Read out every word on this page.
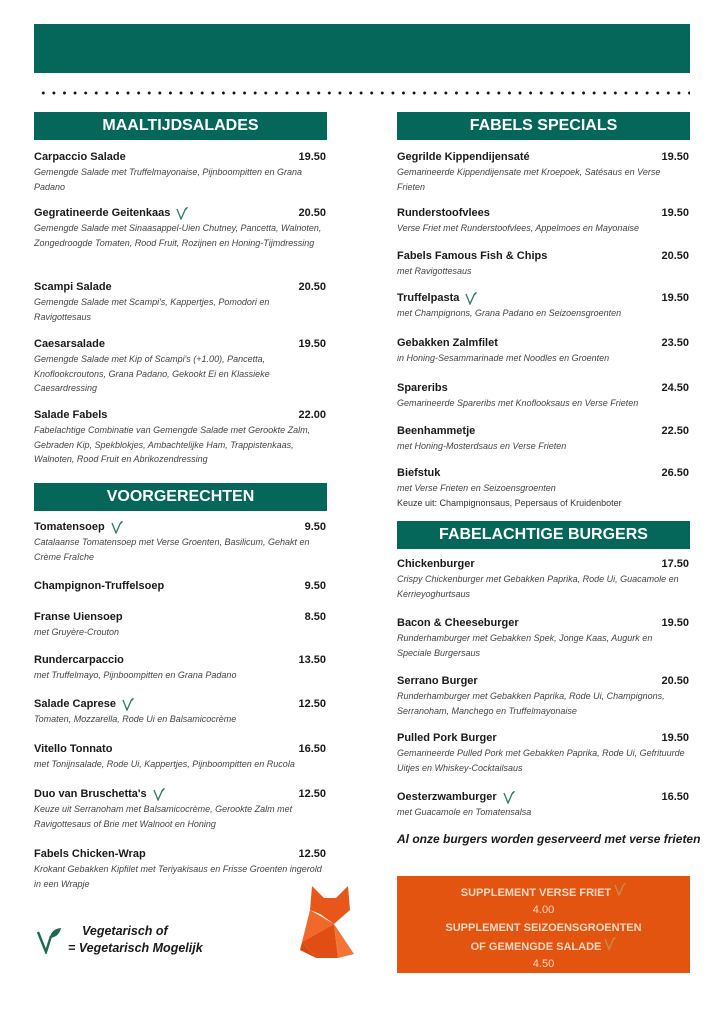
MAALTIJDSALADES
VOORGERECHTEN
FABELS SPECIALS
FABELACHTIGE BURGERS
Carpaccio Salade	19.50
Gemengde Salade met Truffelmayonaise, Pijnboompitten en Grana Padano
Gegratineerde Geitenkaas	20.50
Gemengde Salade met Sinaasappel-Uien Chutney, Pancetta, Walnoten, Zongedroogde Tomaten, Rood Fruit, Rozijnen en Honing-Tijmdressing
Scampi Salade	20.50
Gemengde Salade met Scampi's, Kappertjes, Pomodori en Ravigottesaus
Caesarsalade	19.50
Gemengde Salade met Kip of Scampi's (+1.00), Pancetta, Knoflookcroutons, Grana Padano, Gekookt Ei en Klassieke Caesardressing
Salade Fabels	22.00
Fabelachtige Combinatie van Gemengde Salade met Gerookte Zalm, Gebraden Kip, Spekblokjes, Ambachtelijke Ham, Trappistenkaas, Walnoten, Rood Fruit en Abrikozendressing
Tomatensoep	9.50
Catalaanse Tomatensoep met Verse Groenten, Basilicum, Gehakt en Crème Fraîche
Champignon-Truffelsoep	9.50
Franse Uiensoep	8.50
met Gruyère-Crouton
Rundercarpaccio	13.50
met Truffelmayo, Pijnboompitten en Grana Padano
Salade Caprese	12.50
Tomaten, Mozzarella, Rode Ui en Balsamicocrème
Vitello Tonnato	16.50
met Tonijnsalade, Rode Ui, Kappertjes, Pijnboompitten en Rucola
Duo van Bruschetta's	12.50
Keuze uit Serranoham met Balsamicocrème, Gerookte Zalm met Ravigottesaus of Brie met Walnoot en Honing
Fabels Chicken-Wrap	12.50
Krokant Gebakken Kipfilet met Teriyakisaus en Frisse Groenten ingerold in een Wrapje
Gegrilde Kippendijensaté	19.50
Gemarineerde Kippendijensate met Kroepoek, Satésaus en Verse Frieten
Runderstoofvlees	19.50
Verse Friet met Runderstoofvlees, Appelmoes en Mayonaise
Fabels Famous Fish & Chips	20.50
met Ravigottesaus
Truffelpasta	19.50
met Champignons, Grana Padano en Seizoensgroenten
Gebakken Zalmfilet	23.50
in Honing-Sesammarinade met Noodles en Groenten
Spareribs	24.50
Gemarineerde Spareribs met Knoflooksaus en Verse Frieten
Beenhammetje	22.50
met Honing-Mosterdsaus en Verse Frieten
Biefstuk	26.50
met Verse Frieten en Seizoensgroenten
Keuze uit: Champignonsaus, Pepersaus of Kruidenboter
Chickenburger	17.50
Crispy Chickenburger met Gebakken Paprika, Rode Ui, Guacamole en Kerrieyoghurtsaus
Bacon & Cheeseburger	19.50
Runderhamburger met Gebakken Spek, Jonge Kaas, Augurk en Speciale Burgersaus
Serrano Burger	20.50
Runderhamburger met Gebakken Paprika, Rode Ui, Champignons, Serranoham, Manchego en Truffelmayonaise
Pulled Pork Burger	19.50
Gemarineerde Pulled Pork met Gebakken Paprika, Rode Ui, Gefrituurde Uitjes en Whiskey-Cocktailsaus
Oesterzwamburger	16.50
met Guacamole en Tomatensalsa
Al onze burgers worden geserveerd met verse frieten
SUPPLEMENT VERSE FRIET
4.00
SUPPLEMENT SEIZOENSGROENTEN OF GEMENGDE SALADE
4.50
Vegetarisch of
= Vegetarisch Mogelijk
